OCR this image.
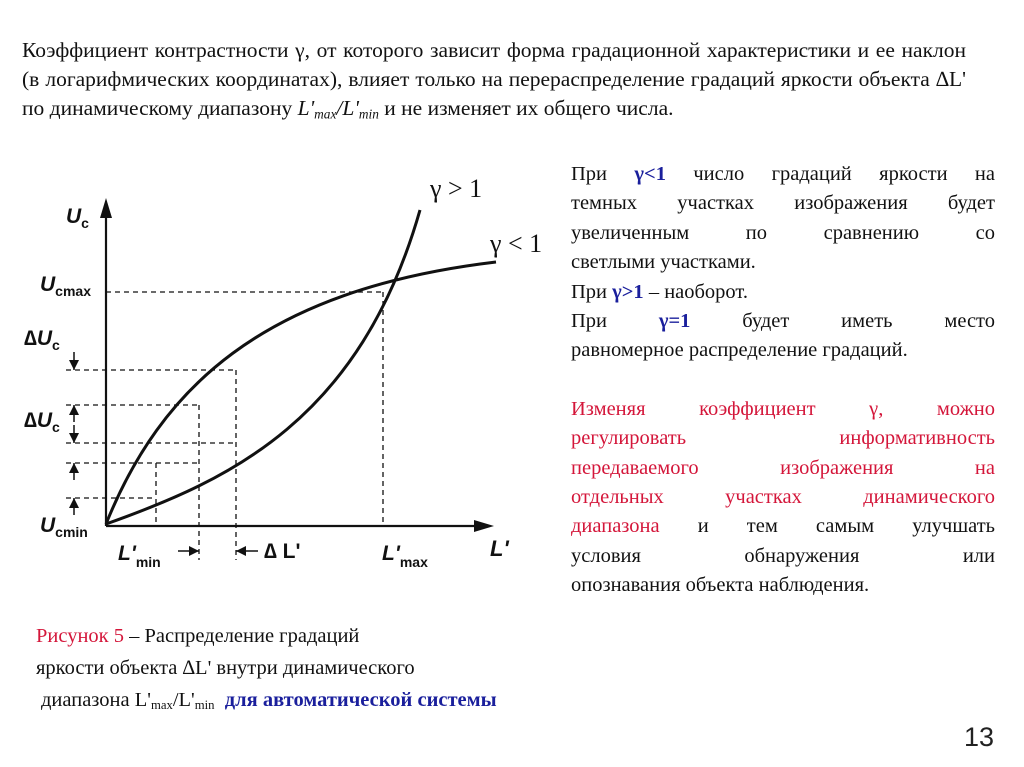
Коэффициент контрастности γ, от которого зависит форма градационной характеристики и ее наклон (в логарифмических координатах), влияет только на перераспределение градаций яркости объекта ∆L' по динамическому диапазону $L'_{max}/L'_{min}$ и не изменяет их общего числа.
При γ<1 число градаций яркости на
темных участках изображения будет
увеличенным по сравнению со
светлыми участками.
При γ>1 – наоборот.
При γ=1 будет иметь место
равномерное распределение градаций.
Изменяя коэффициент γ, можно
регулировать информативность
передаваемого изображения на
отдельных участках динамического
диапазона и тем самым улучшать
условия обнаружения или
опознавания объекта наблюдения.
Рисунок 5 – Распределение градаций
яркости объекта ∆L' внутри динамического
диапазона $L'_{max}/L'_{min}$ для автоматической системы
$U_c$
$U_{cmax}$
$U_{cmin}$
$\Delta U_c$
$\Delta U_c$
$L'_{min}$	$L'_{max}$
∆ L'	L'
γ > 1
γ < 1
13
